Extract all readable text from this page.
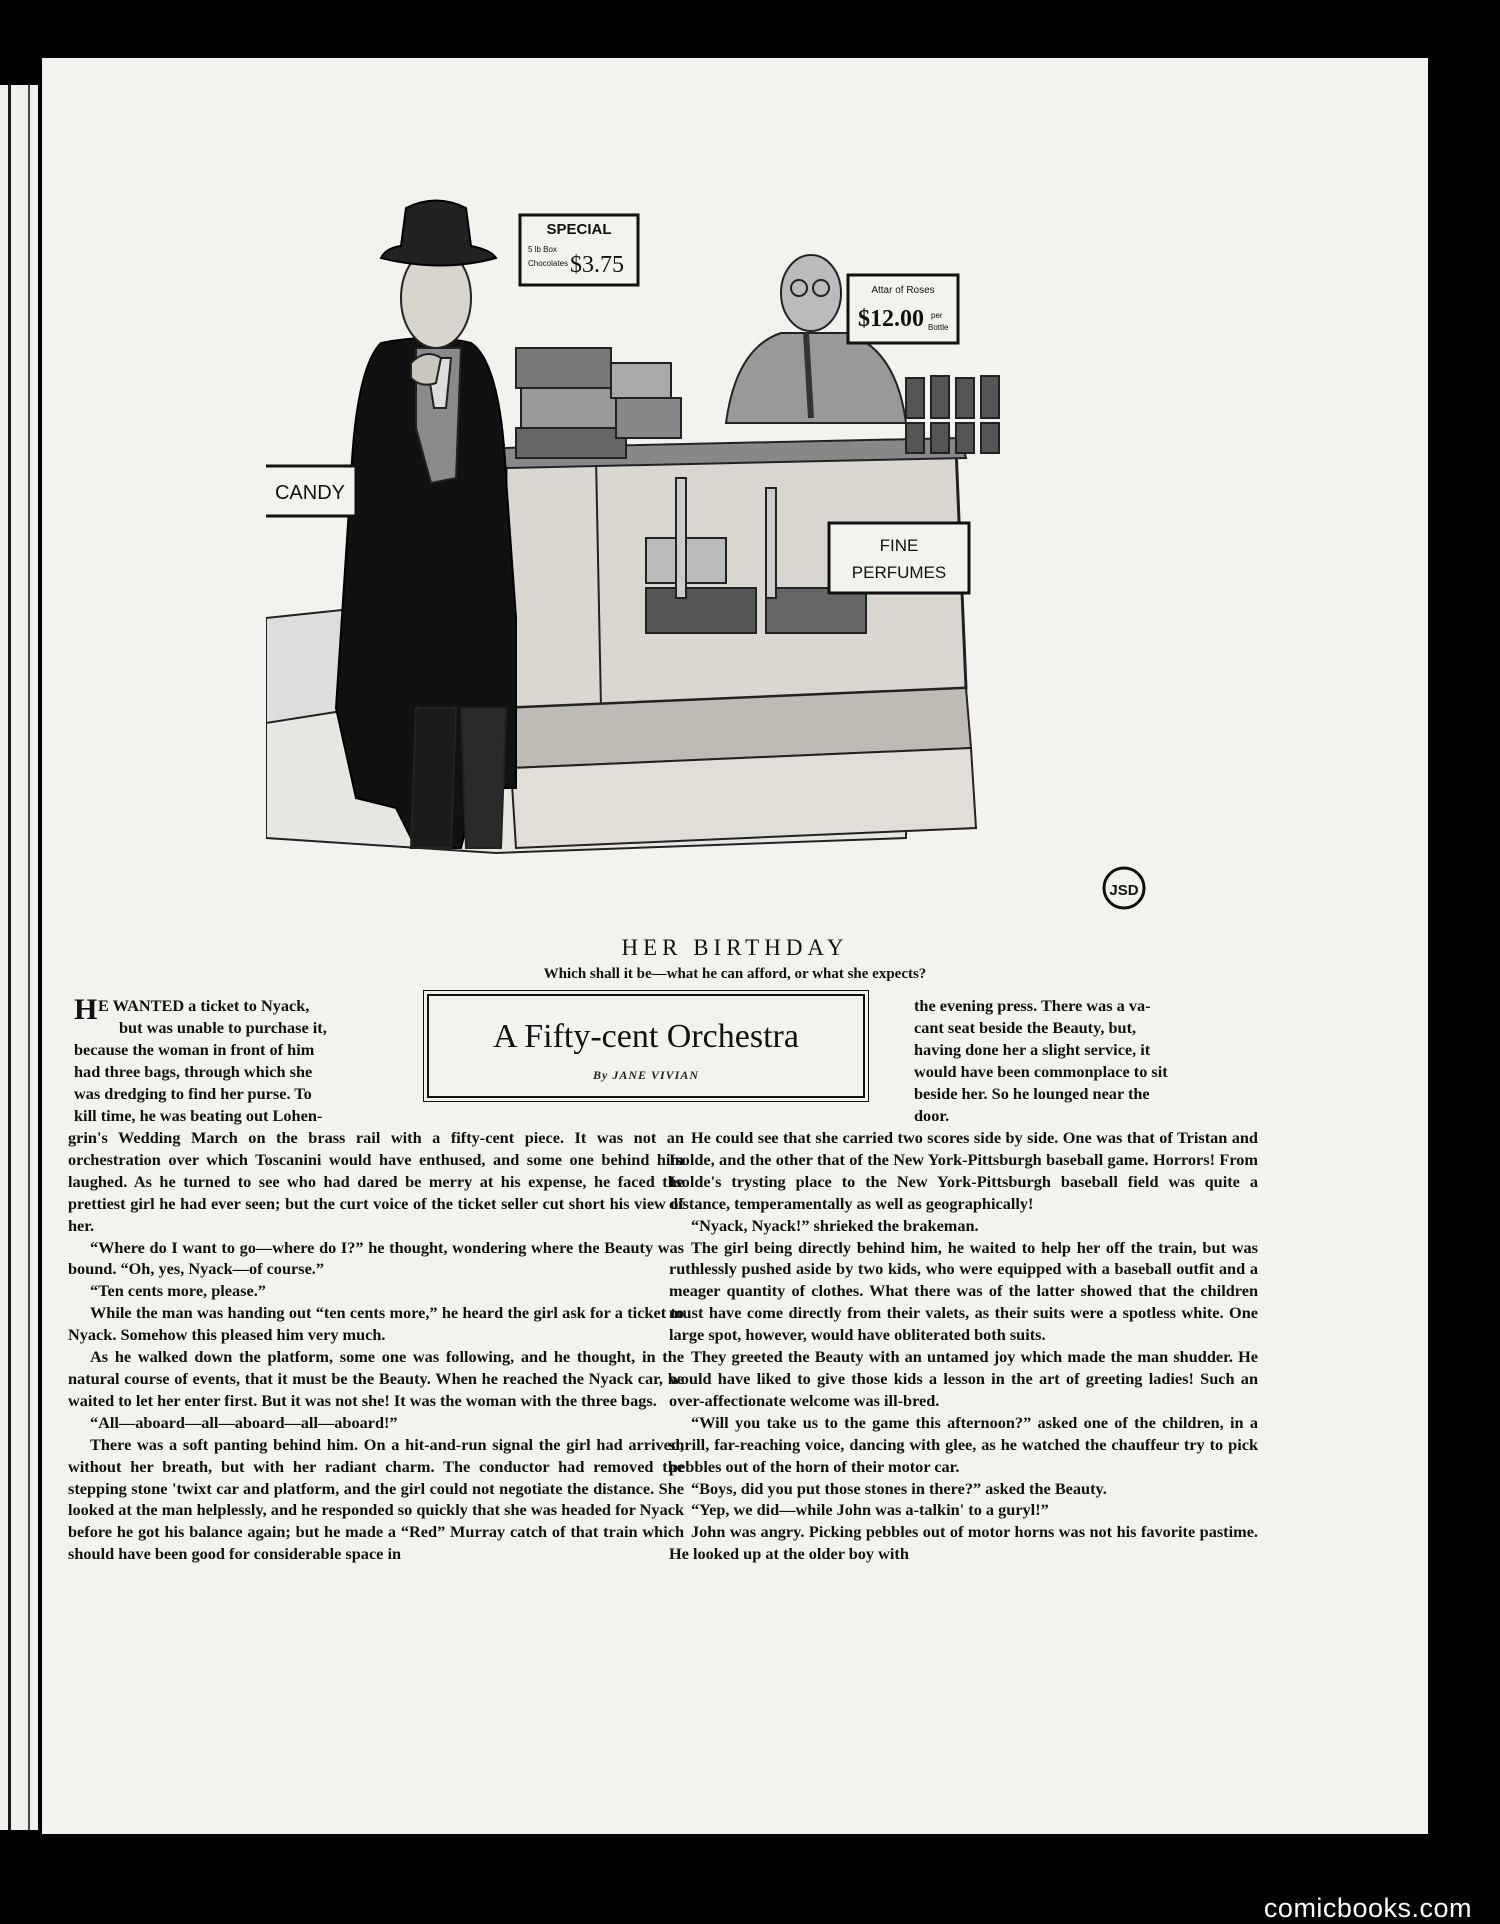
SPECIAL
5 lb Box
Chocolates $3.75
Attar of Roses
$12.00 per
Bottle
CANDY
FINE
PERFUMES
JSD
HER BIRTHDAY
Which shall it be—what he can afford, or what she expects?
A Fifty-cent Orchestra
By JANE VIVIAN
H E WANTED a ticket to Nyack,
but was unable to purchase it,
because the woman in front of him
had three bags, through which she
was dredging to find her purse. To
kill time, he was beating out Lohen-

grin's Wedding March on the brass rail with a fifty-cent piece. It was not an orchestration over which Toscanini would have enthused, and some one behind him laughed. As he turned to see who had dared be merry at his expense, he faced the prettiest girl he had ever seen; but the curt voice of the ticket seller cut short his view of her.

“Where do I want to go—where do I?” he thought, wondering where the Beauty was bound. “Oh, yes, Nyack—of course.”

“Ten cents more, please.”

While the man was handing out “ten cents more,” he heard the girl ask for a ticket to Nyack. Somehow this pleased him very much.

As he walked down the platform, some one was following, and he thought, in the natural course of events, that it must be the Beauty. When he reached the Nyack car, he waited to let her enter first. But it was not she! It was the woman with the three bags.

“All—aboard—all—aboard—all—aboard!”

There was a soft panting behind him. On a hit-and-run signal the girl had arrived, without her breath, but with her radiant charm. The conductor had removed the stepping stone 'twixt car and platform, and the girl could not negotiate the distance. She looked at the man helplessly, and he responded so quickly that she was headed for Nyack before he got his balance again; but he made a “Red” Murray catch of that train which should have been good for considerable space in

the evening press. There was a va-
cant seat beside the Beauty, but,
having done her a slight service, it
would have been commonplace to sit
beside her. So he lounged near the
door.

He could see that she carried two scores side by side. One was that of Tristan and Isolde, and the other that of the New York-Pittsburgh baseball game. Horrors! From Isolde's trysting place to the New York-Pittsburgh baseball field was quite a distance, temperamentally as well as geographically!

“Nyack, Nyack!” shrieked the brakeman.

The girl being directly behind him, he waited to help her off the train, but was ruthlessly pushed aside by two kids, who were equipped with a baseball outfit and a meager quantity of clothes. What there was of the latter showed that the children must have come directly from their valets, as their suits were a spotless white. One large spot, however, would have obliterated both suits.

They greeted the Beauty with an untamed joy which made the man shudder. He would have liked to give those kids a lesson in the art of greeting ladies! Such an over-affectionate welcome was ill-bred.

“Will you take us to the game this afternoon?” asked one of the children, in a shrill, far-reaching voice, dancing with glee, as he watched the chauffeur try to pick pebbles out of the horn of their motor car.

“Boys, did you put those stones in there?” asked the Beauty.

“Yep, we did—while John was a-talkin' to a guryl!”

John was angry. Picking pebbles out of motor horns was not his favorite pastime. He looked up at the older boy with

comicbooks.com
